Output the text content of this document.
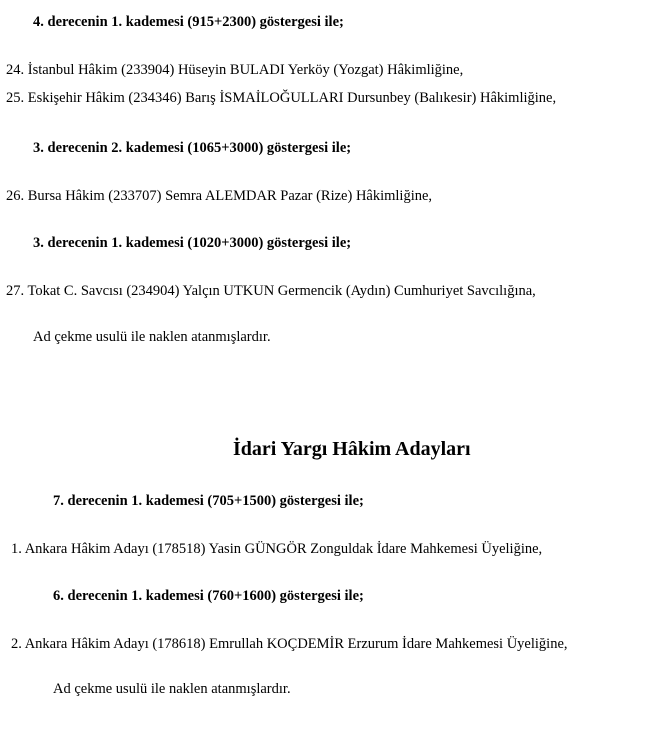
4. derecenin 1. kademesi (915+2300) göstergesi ile;
24. İstanbul Hâkim (233904) Hüseyin BULADI Yerköy (Yozgat) Hâkimliğine,
25. Eskişehir Hâkim (234346) Barış İSMAİLOĞULLARI Dursunbey (Balıkesir) Hâkimliğine,
3. derecenin 2. kademesi (1065+3000) göstergesi ile;
26. Bursa Hâkim (233707) Semra ALEMDAR Pazar (Rize) Hâkimliğine,
3. derecenin 1. kademesi (1020+3000) göstergesi ile;
27. Tokat C. Savcısı (234904) Yalçın UTKUN Germencik (Aydın) Cumhuriyet Savcılığına,
Ad çekme usulü ile naklen atanmışlardır.
İdari Yargı Hâkim Adayları
7. derecenin 1. kademesi (705+1500) göstergesi ile;
1. Ankara Hâkim Adayı (178518) Yasin GÜNGÖR Zonguldak İdare Mahkemesi Üyeliğine,
6. derecenin 1. kademesi (760+1600) göstergesi ile;
2. Ankara Hâkim Adayı (178618) Emrullah KOÇDEMİR Erzurum İdare Mahkemesi Üyeliğine,
Ad çekme usulü ile naklen atanmışlardır.
